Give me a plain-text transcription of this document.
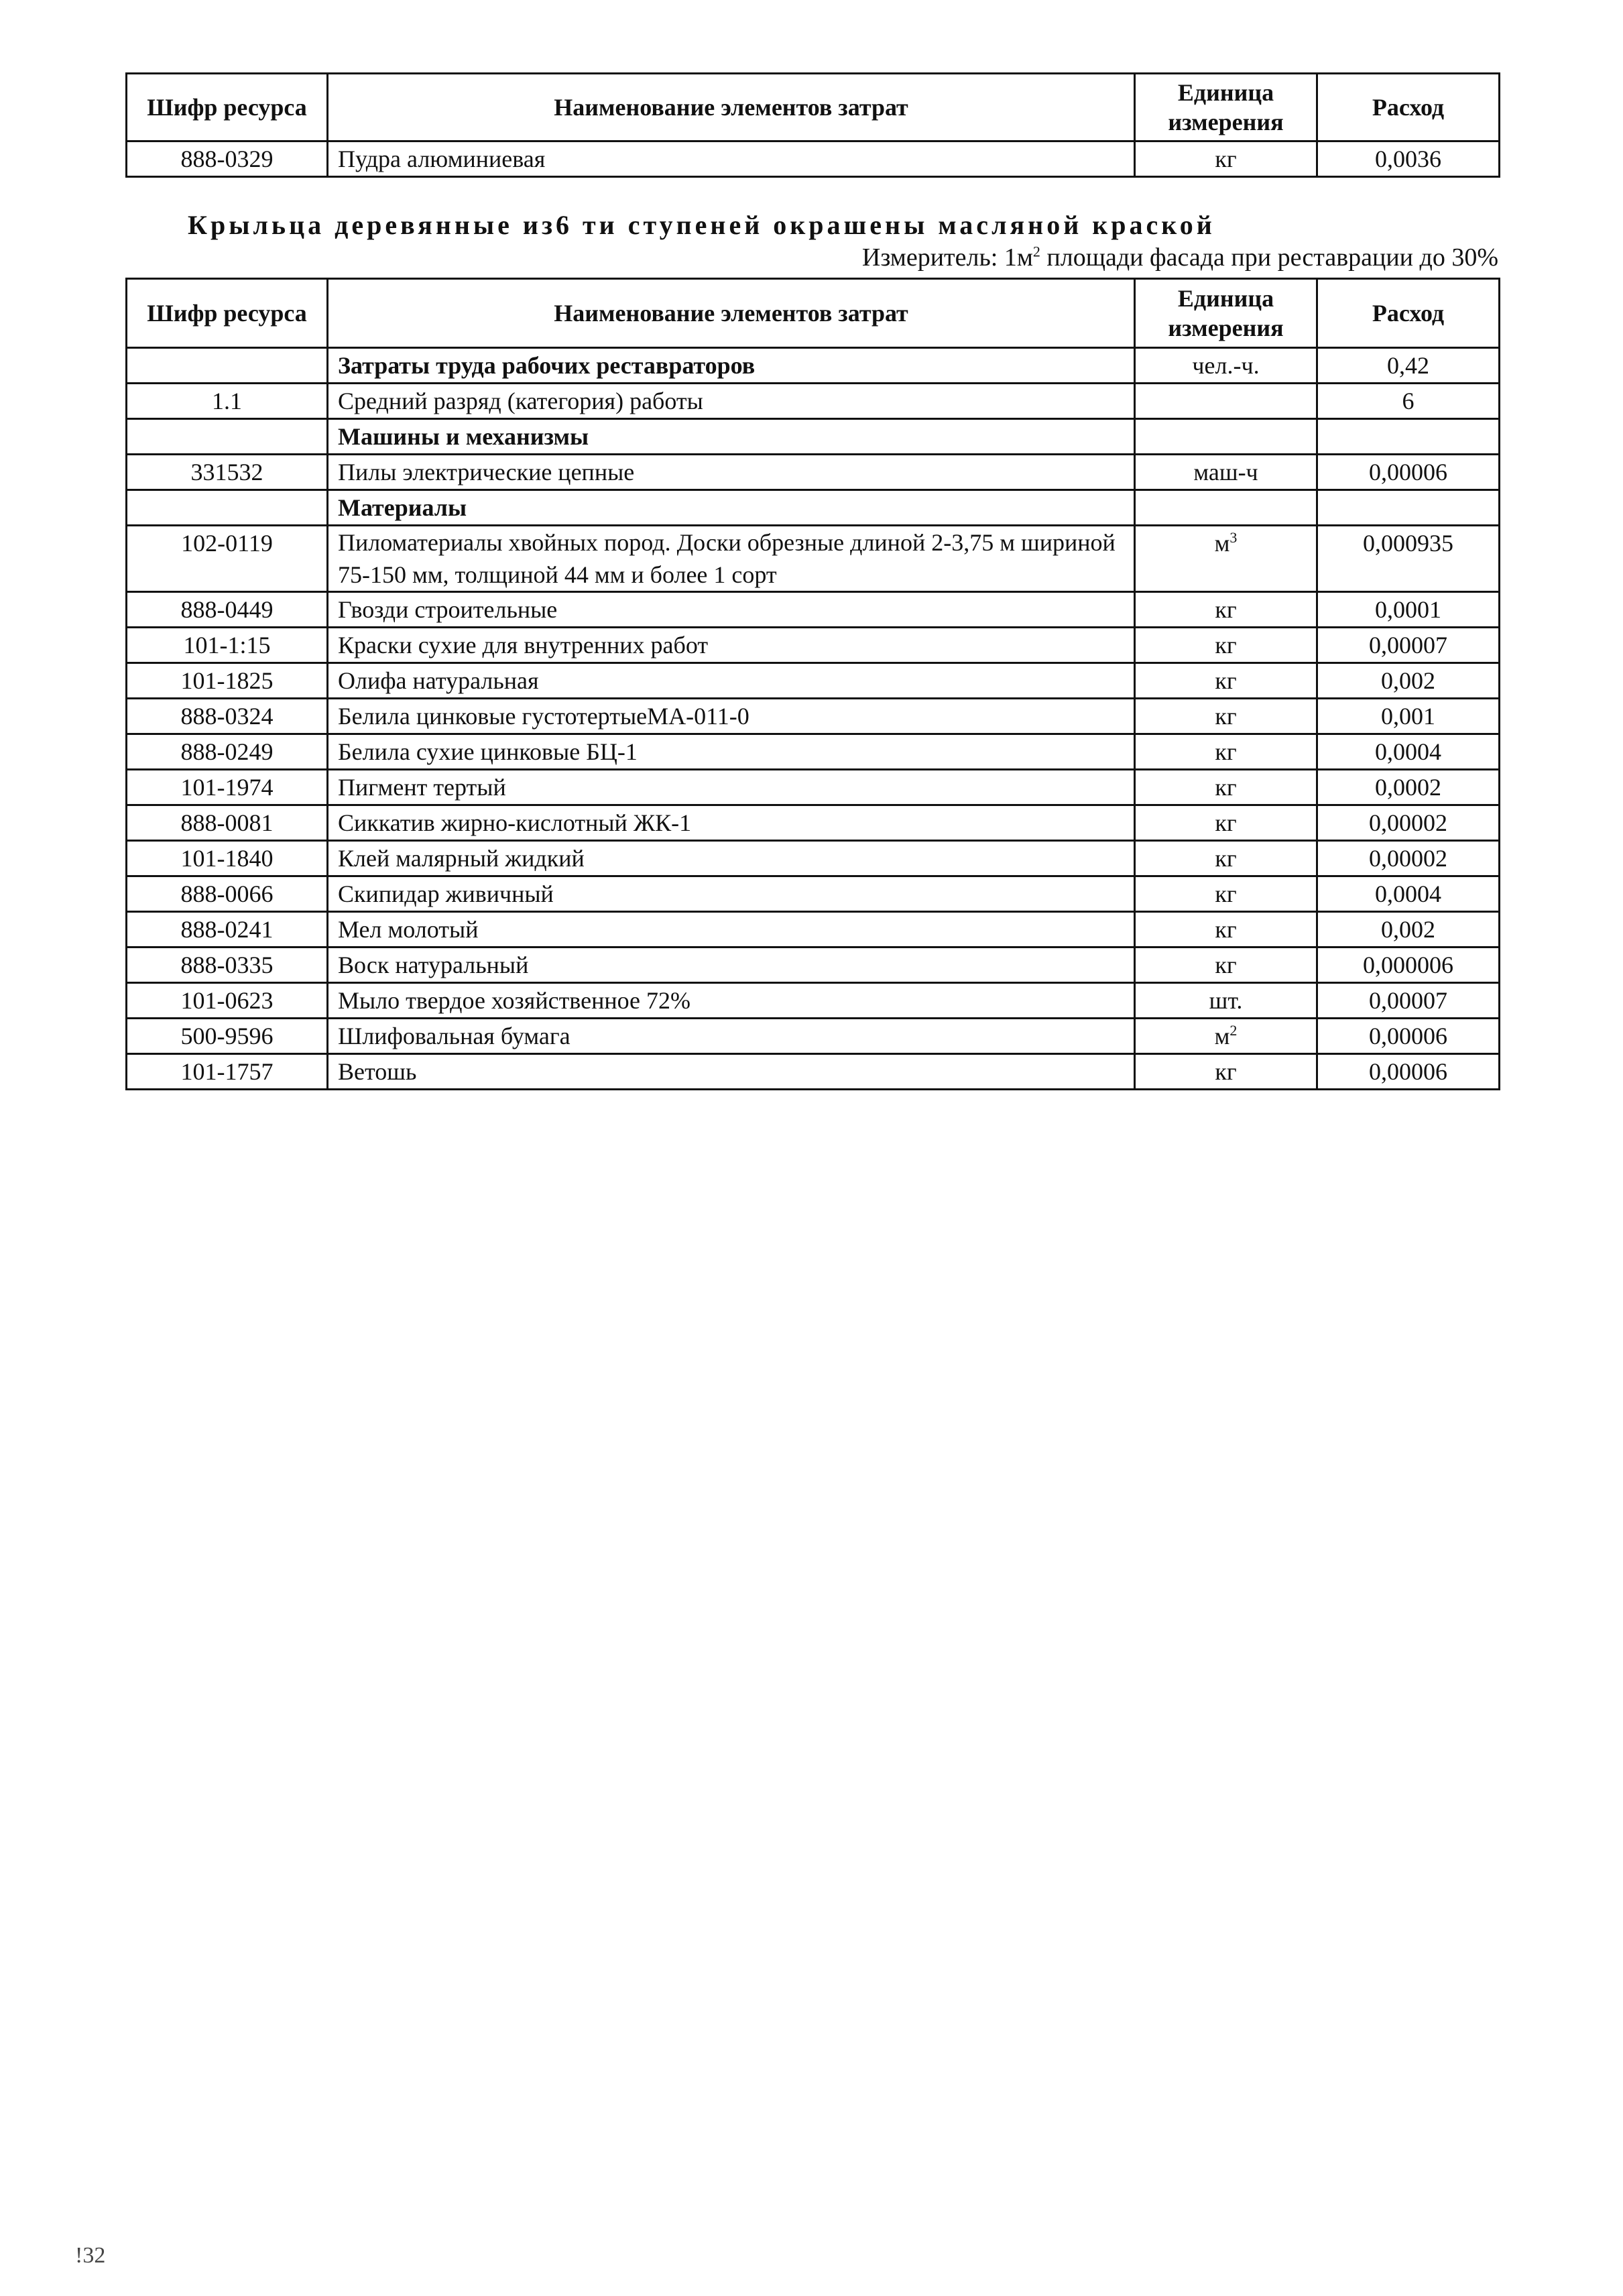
Шифр ресурса	Наименование элементов затрат	Единица измерения	Расход
888-0329	Пудра алюминиевая	кг	0,0036
Крыльца деревянные из6 ти ступеней окрашены масляной краской
Измеритель: $1м^2$ площади фасада при реставрации до 30%
Шифр ресурса	Наименование элементов затрат	Единица измерения	Расход
	Затраты труда рабочих реставраторов	чел.-ч.	0,42
1.1	Средний разряд (категория) работы		6
	Машины и механизмы		
331532	Пилы электрические цепные	маш-ч	0,00006
	Материалы		
102-0119	Пиломатериалы хвойных пород. Доски обрезные длиной 2-3,75 м шириной 75-150 мм, толщиной 44 мм и более 1 сорт	$м^3$	0,000935
888-0449	Гвозди строительные	кг	0,0001
101-1:15	Краски сухие для внутренних работ	кг	0,00007
101-1825	Олифа натуральная	кг	0,002
888-0324	Белила цинковые густотертыеМА-011-0	кг	0,001
888-0249	Белила сухие цинковые БЦ-1	кг	0,0004
101-1974	Пигмент тертый	кг	0,0002
888-0081	Сиккатив жирно-кислотный ЖК-1	кг	0,00002
101-1840	Клей малярный жидкий	кг	0,00002
888-0066	Скипидар живичный	кг	0,0004
888-0241	Мел молотый	кг	0,002
888-0335	Воск натуральный	кг	0,000006
101-0623	Мыло твердое хозяйственное 72%	шт.	0,00007
500-9596	Шлифовальная бумага	$м^2$	0,00006
101-1757	Ветошь	кг	0,00006
!32
